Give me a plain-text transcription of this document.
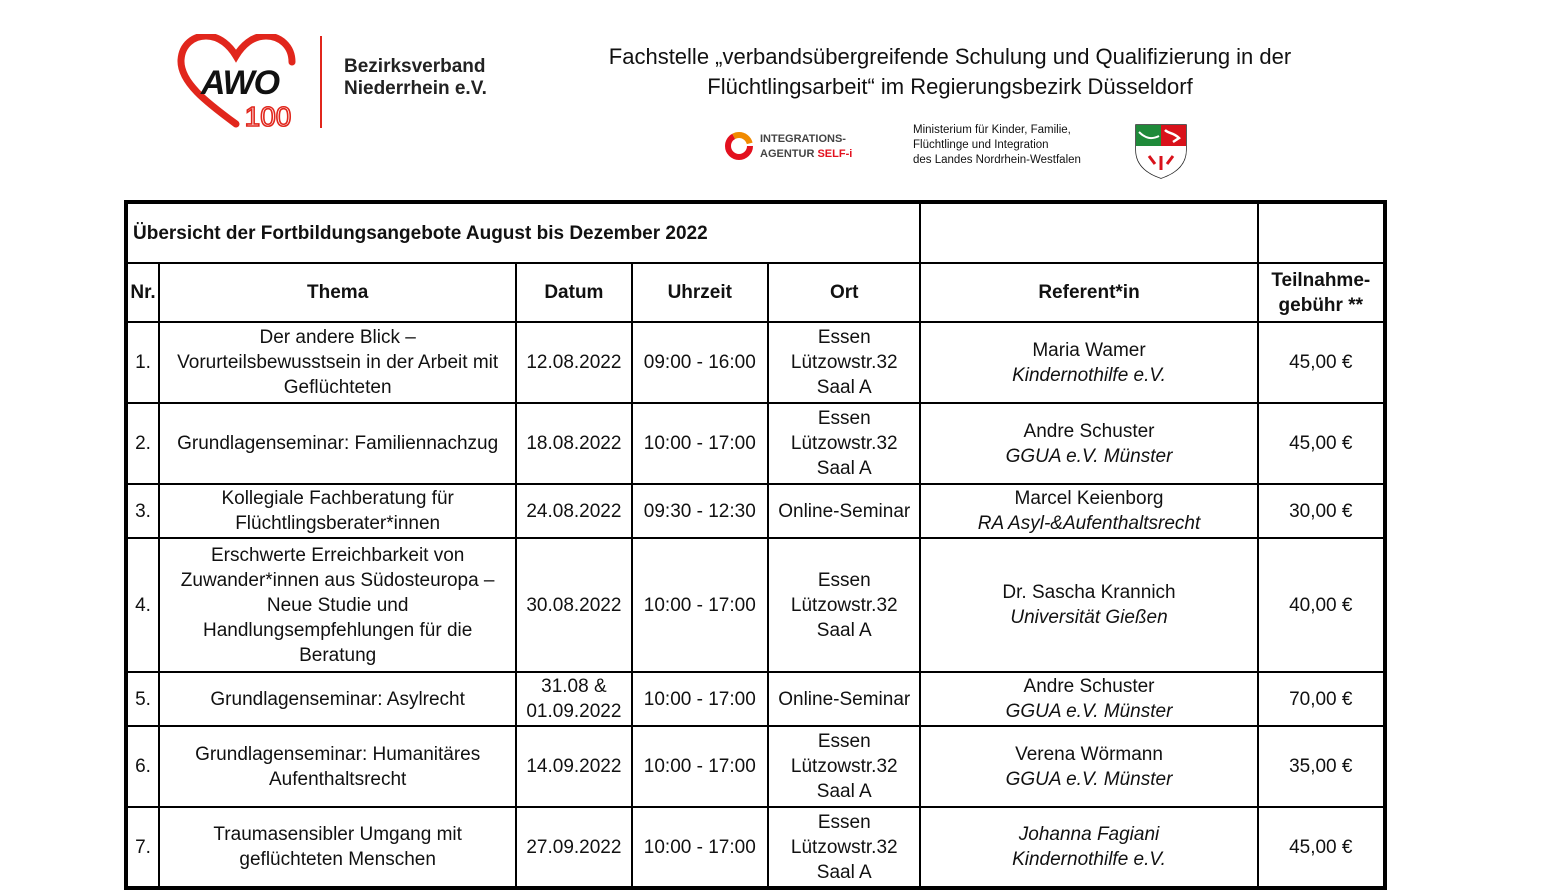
AWO
100
Bezirksverband
Niederrhein e.V.
Fachstelle „verbandsübergreifende Schulung und Qualifizierung in der
Flüchtlingsarbeit“ im Regierungsbezirk Düsseldorf
INTEGRATIONS-
AGENTUR SELF-i
Ministerium für Kinder, Familie,
Flüchtlinge und Integration
des Landes Nordrhein-Westfalen
Übersicht der Fortbildungsangebote August bis Dezember 2022						
Nr.	Thema	Datum	Uhrzeit	Ort	Referent*in	Teilnahme-
gebühr **

1.	Der andere Blick –
Vorurteilsbewusstsein in der Arbeit mit
Geflüchteten	12.08.2022	09:00 - 16:00	Essen
Lützowstr.32
Saal A	Maria Wamer
Kindernothilfe e.V.	45,00 €
2.	Grundlagenseminar: Familiennachzug	18.08.2022	10:00 - 17:00	Essen
Lützowstr.32
Saal A	Andre Schuster
GGUA e.V. Münster	45,00 €
3.	Kollegiale Fachberatung für
Flüchtlingsberater*innen	24.08.2022	09:30 - 12:30	Online-Seminar	Marcel Keienborg
RA Asyl-&Aufenthaltsrecht	30,00 €
4.	Erschwerte Erreichbarkeit von
Zuwander*innen aus Südosteuropa –
Neue Studie und
Handlungsempfehlungen für die
Beratung	30.08.2022	10:00 - 17:00	Essen
Lützowstr.32
Saal A	Dr. Sascha Krannich
Universität Gießen	40,00 €
5.	Grundlagenseminar: Asylrecht	31.08 &
01.09.2022	10:00 - 17:00	Online-Seminar	Andre Schuster
GGUA e.V. Münster	70,00 €
6.	Grundlagenseminar: Humanitäres
Aufenthaltsrecht	14.09.2022	10:00 - 17:00	Essen
Lützowstr.32
Saal A	Verena Wörmann
GGUA e.V. Münster	35,00 €
7.	Traumasensibler Umgang mit
geflüchteten Menschen	27.09.2022	10:00 - 17:00	Essen
Lützowstr.32
Saal A	Johanna Fagiani
Kindernothilfe e.V.	45,00 €
